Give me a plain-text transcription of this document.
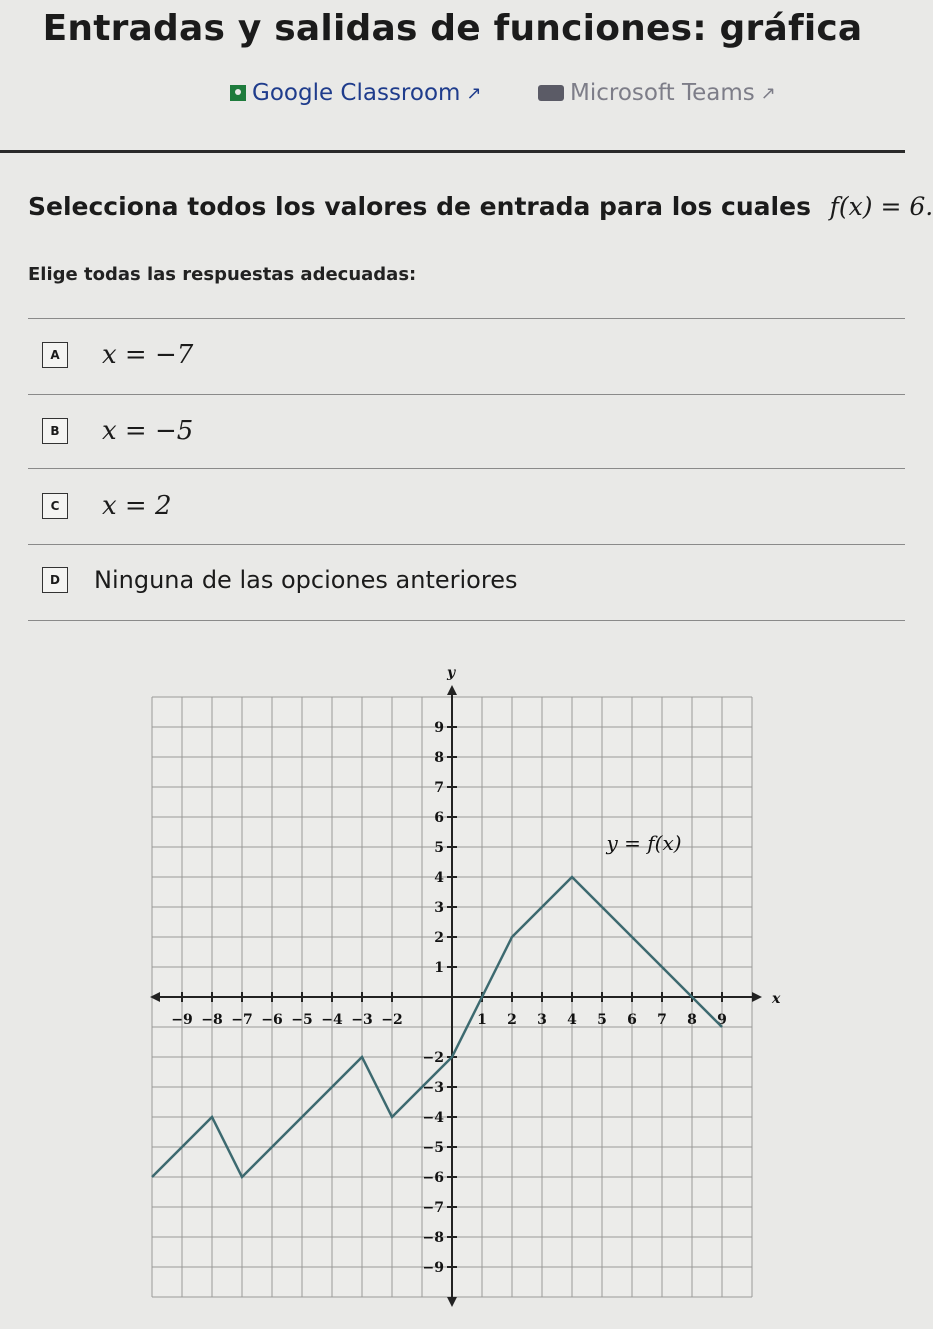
Entradas y salidas de funciones: gráfica
Google Classroom ↗	Microsoft Teams ↗
Selecciona todos los valores de entrada para los cuales f(x) = 6.
Elige todas las respuestas adecuadas:
A	x = −7
B	x = −5
C	x = 2
D	Ninguna de las opciones anteriores
x
y
−9 −8 −7 −6 −5 −4 −3 −2	1 2 3 4 5 6 7 8 9
−9
−8
−7
−6
−5
−4
−3
−2
1
2
3
4
5
6
7
8
9
y = f(x)
